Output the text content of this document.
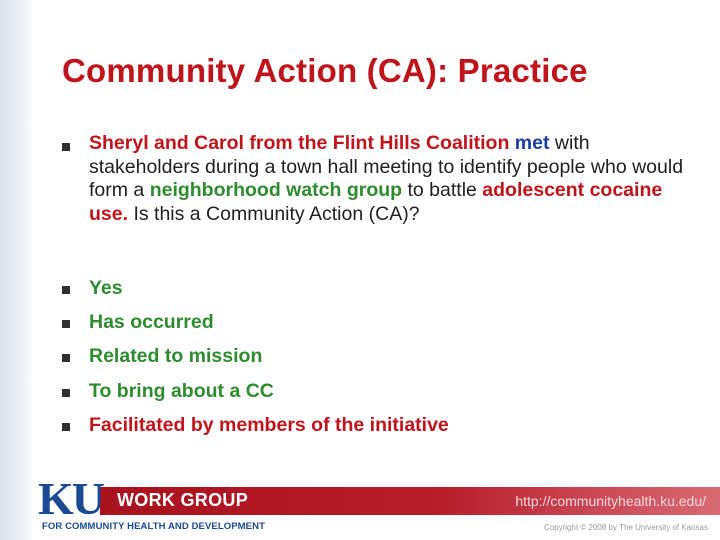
Community Action (CA): Practice
Sheryl and Carol from the Flint Hills Coalition met with stakeholders during a town hall meeting to identify people who would form a neighborhood watch group to battle adolescent cocaine use. Is this a Community Action (CA)?
Yes
Has occurred
Related to mission
To bring about a CC
Facilitated by members of the initiative
KU WORK GROUP	http://communityhealth.ku.edu/
FOR COMMUNITY HEALTH AND DEVELOPMENT	Copyright © 2008 by The University of Kansas
